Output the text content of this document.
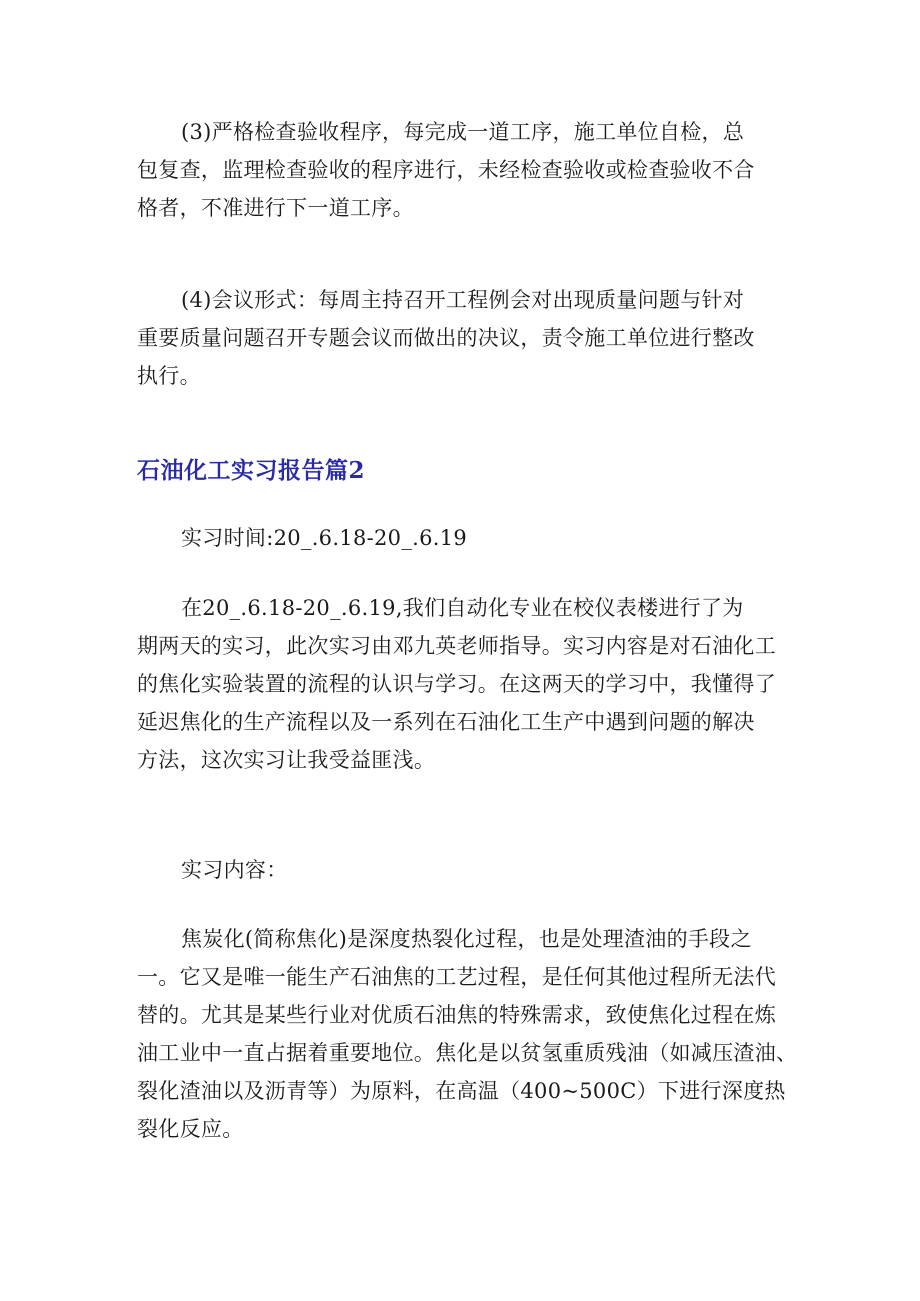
(3)严格检查验收程序，每完成一道工序，施工单位自检，总
包复查，监理检查验收的程序进行，未经检查验收或检查验收不合
格者，不准进行下一道工序。
(4)会议形式：每周主持召开工程例会对出现质量问题与针对
重要质量问题召开专题会议而做出的决议，责令施工单位进行整改
执行。
石油化工实习报告篇2
实习时间:20_.6.18-20_.6.19
在20_.6.18-20_.6.19,我们自动化专业在校仪表楼进行了为
期两天的实习，此次实习由邓九英老师指导。实习内容是对石油化工
的焦化实验装置的流程的认识与学习。在这两天的学习中，我懂得了
延迟焦化的生产流程以及一系列在石油化工生产中遇到问题的解决
方法，这次实习让我受益匪浅。
实习内容：
焦炭化(简称焦化)是深度热裂化过程，也是处理渣油的手段之
一。它又是唯一能生产石油焦的工艺过程，是任何其他过程所无法代
替的。尤其是某些行业对优质石油焦的特殊需求，致使焦化过程在炼
油工业中一直占据着重要地位。焦化是以贫氢重质残油（如减压渣油、
裂化渣油以及沥青等）为原料，在高温（400~500C）下进行深度热
裂化反应。
